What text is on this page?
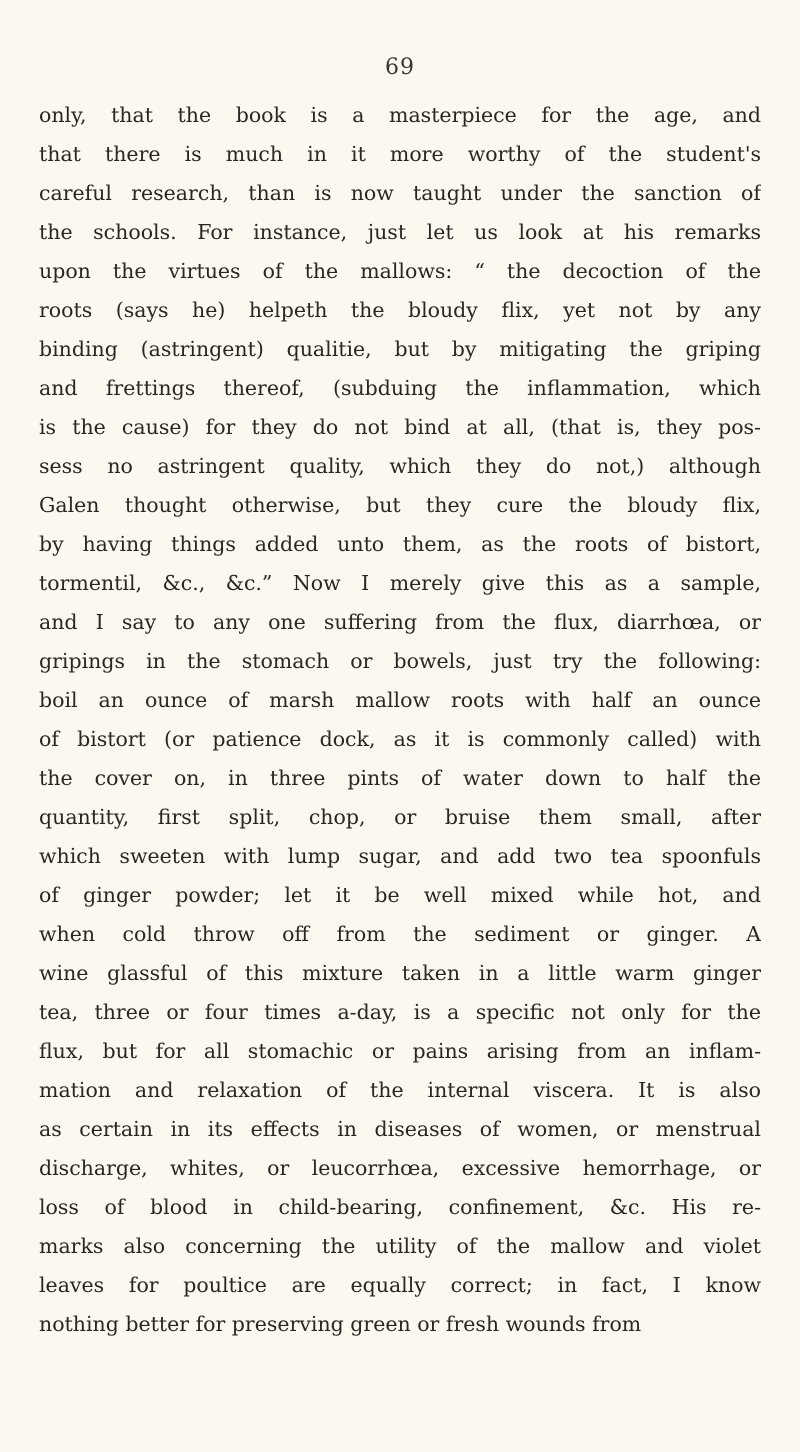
69
only, that the book is a masterpiece for the age, and
that there is much in it more worthy of the student's
careful research, than is now taught under the sanction of
the schools. For instance, just let us look at his remarks
upon the virtues of the mallows: “ the decoction of the
roots (says he) helpeth the bloudy flix, yet not by any
binding (astringent) qualitie, but by mitigating the griping
and frettings thereof, (subduing the inflammation, which
is the cause) for they do not bind at all, (that is, they pos-
sess no astringent quality, which they do not,) although
Galen thought otherwise, but they cure the bloudy flix,
by having things added unto them, as the roots of bistort,
tormentil, &c., &c.” Now I merely give this as a sample,
and I say to any one suffering from the flux, diarrhœa, or
gripings in the stomach or bowels, just try the following:
boil an ounce of marsh mallow roots with half an ounce
of bistort (or patience dock, as it is commonly called) with
the cover on, in three pints of water down to half the
quantity, first split, chop, or bruise them small, after
which sweeten with lump sugar, and add two tea spoonfuls
of ginger powder; let it be well mixed while hot, and
when cold throw off from the sediment or ginger. A
wine glassful of this mixture taken in a little warm ginger
tea, three or four times a-day, is a specific not only for the
flux, but for all stomachic or pains arising from an inflam-
mation and relaxation of the internal viscera. It is also
as certain in its effects in diseases of women, or menstrual
discharge, whites, or leucorrhœa, excessive hemorrhage, or
loss of blood in child-bearing, confinement, &c. His re-
marks also concerning the utility of the mallow and violet
leaves for poultice are equally correct; in fact, I know
nothing better for preserving green or fresh wounds from
